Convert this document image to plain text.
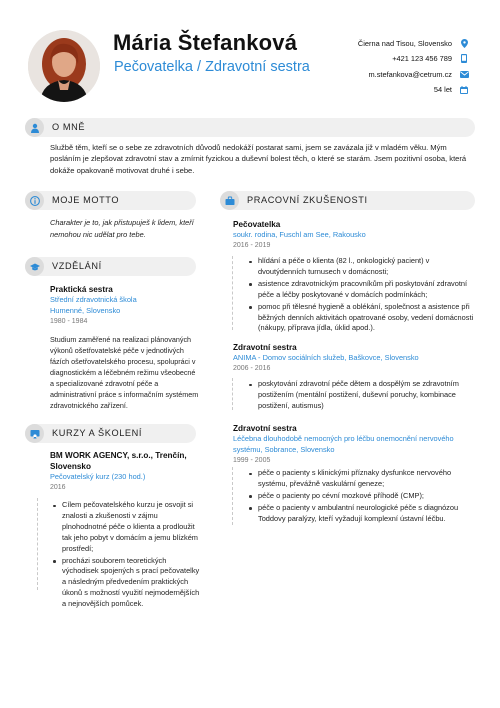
Mária Štefanková
Pečovatelka / Zdravotní sestra
Čierna nad Tisou, Slovensko
+421 123 456 789
m.stefankova@cetrum.cz
54 let
O MNĚ
Službě těm, kteří se o sebe ze zdravotních důvodů nedokáží postarat sami, jsem se zavázala již v mladém věku. Mým posláním je zlepšovat zdravotní stav a zmírnit fyzickou a duševní bolest těch, o které se starám. Jsem pozitivní osoba, která dokáže opakovaně motivovat druhé i sebe.
MOJE MOTTO
Charakter je to, jak přistupuješ k lidem, kteří nemohou nic udělat pro tebe.
VZDĚLÁNÍ
Praktická sestra
Střední zdravotnická škola
Humenné, Slovensko
1980 - 1984
Studium zaměřené na realizaci plánovaných výkonů ošetřovatelské péče v jednotlivých fázích ošetřovatelského procesu, spolupráci v diagnostickém a léčebném režimu všeobecné a specializované zdravotní péče a administrativní práce s informačním systémem zdravotnického zařízení.
KURZY A ŠKOLENÍ
BM WORK AGENCY, s.r.o., Trenčín, Slovensko
Pečovatelský kurz (230 hod.)
2016
Cílem pečovatelského kurzu je osvojit si znalosti a zkušenosti v zájmu plnohodnotné péče o klienta a prodloužit tak jeho pobyt v domácím a jemu blízkém prostředí;
procházi souborem teoretických východisek spojených s prací pečovatelky a následným předvedením praktických úkonů s možností využití nejmodernějších a nejnovějších pomůcek.
PRACOVNÍ ZKUŠENOSTI
Pečovatelka
soukr. rodina, Fuschl am See, Rakousko
2016 - 2019
hlídání a péče o klienta (82 l., onkologický pacient) v dvoutýdenních turnusech v domácnosti;
asistence zdravotnickým pracovníkům při poskytování zdravotní péče a léčby poskytované v domácích podmínkách;
pomoc při tělesné hygieně a oblékání, společnost a asistence při běžných denních aktivitách opatrované osoby, vedení domácnosti (nákupy, příprava jídla, úklid apod.).
Zdravotní sestra
ANIMA - Domov sociálních služeb, Baškovce, Slovensko
2006 - 2016
poskytování zdravotní péče dětem a dospělým se zdravotním postižením (mentální postižení, duševní poruchy, kombinace postižení, autismus)
Zdravotní sestra
Léčebna dlouhodobě nemocných pro léčbu onemocnění nervového systému, Sobrance, Slovensko
1999 - 2005
péče o pacienty s klinickými příznaky dysfunkce nervového systému, převážně vaskulární geneze;
péče o pacienty po cévní mozkové příhodě (CMP);
péče o pacienty v ambulantní neurologické péče s diagnózou Toddovy paralýzy, kteří vyžadují komplexní ústavní léčbu.
